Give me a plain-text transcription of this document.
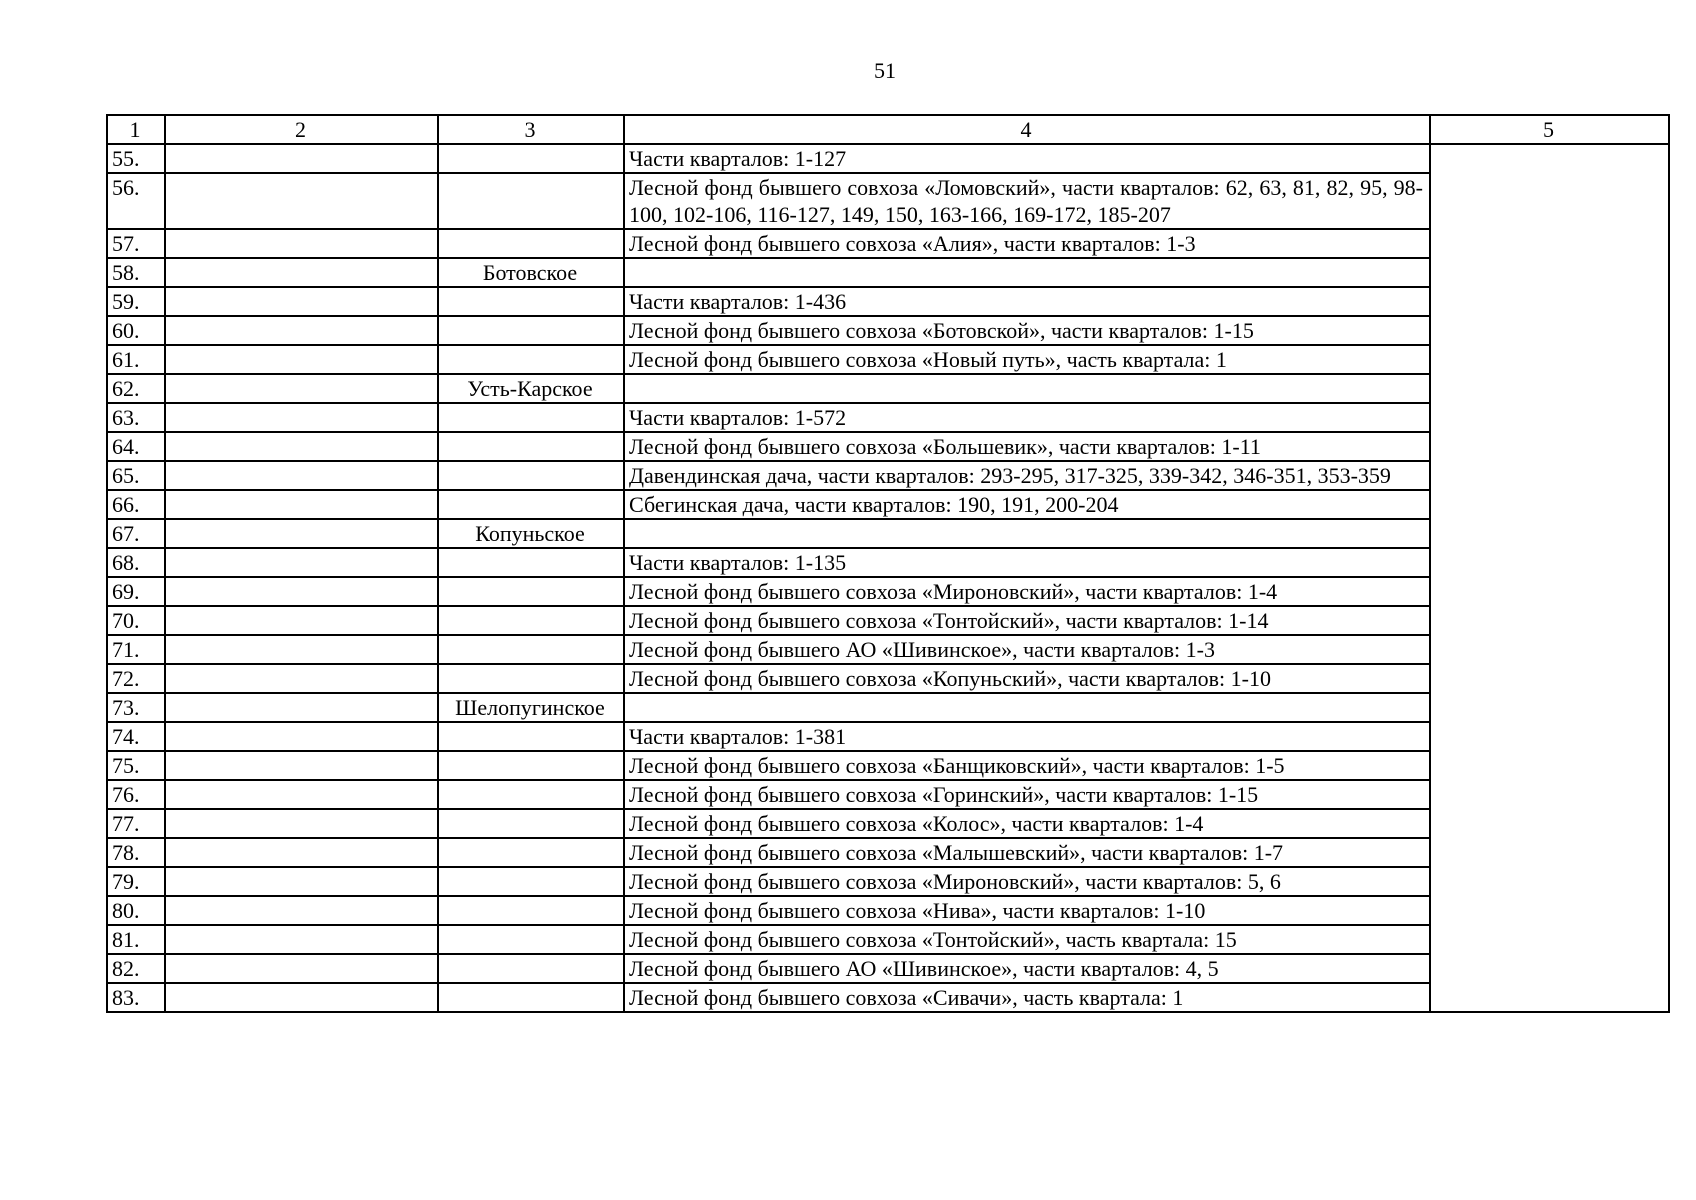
51
1	2	3	4	5
55.			Части кварталов: 1-127	
56.			Лесной фонд бывшего совхоза «Ломовский», части кварталов: 62, 63, 81, 82, 95, 98-100, 102-106, 116-127, 149, 150, 163-166, 169-172, 185-207	
57.			Лесной фонд бывшего совхоза «Алия», части кварталов: 1-3	
58.		Ботовское		
59.			Части кварталов: 1-436	
60.			Лесной фонд бывшего совхоза «Ботовской», части кварталов: 1-15	
61.			Лесной фонд бывшего совхоза «Новый путь», часть квартала: 1	
62.		Усть-Карское		
63.			Части кварталов: 1-572	
64.			Лесной фонд бывшего совхоза «Большевик», части кварталов: 1-11	
65.			Давендинская дача, части кварталов: 293-295, 317-325, 339-342, 346-351, 353-359	
66.			Сбегинская дача, части кварталов: 190, 191, 200-204	
67.		Копуньское		
68.			Части кварталов: 1-135	
69.			Лесной фонд бывшего совхоза «Мироновский», части кварталов: 1-4	
70.			Лесной фонд бывшего совхоза «Тонтойский», части кварталов: 1-14	
71.			Лесной фонд бывшего АО «Шивинское», части кварталов: 1-3	
72.			Лесной фонд бывшего совхоза «Копуньский», части кварталов: 1-10	
73.		Шелопугинское		
74.			Части кварталов: 1-381	
75.			Лесной фонд бывшего совхоза «Банщиковский», части кварталов: 1-5	
76.			Лесной фонд бывшего совхоза «Горинский», части кварталов: 1-15	
77.			Лесной фонд бывшего совхоза «Колос», части кварталов: 1-4	
78.			Лесной фонд бывшего совхоза «Малышевский», части кварталов: 1-7	
79.			Лесной фонд бывшего совхоза «Мироновский», части кварталов: 5, 6	
80.			Лесной фонд бывшего совхоза «Нива», части кварталов: 1-10	
81.			Лесной фонд бывшего совхоза «Тонтойский», часть квартала: 15	
82.			Лесной фонд бывшего АО «Шивинское», части кварталов: 4, 5	
83.			Лесной фонд бывшего совхоза «Сивачи», часть квартала: 1	
